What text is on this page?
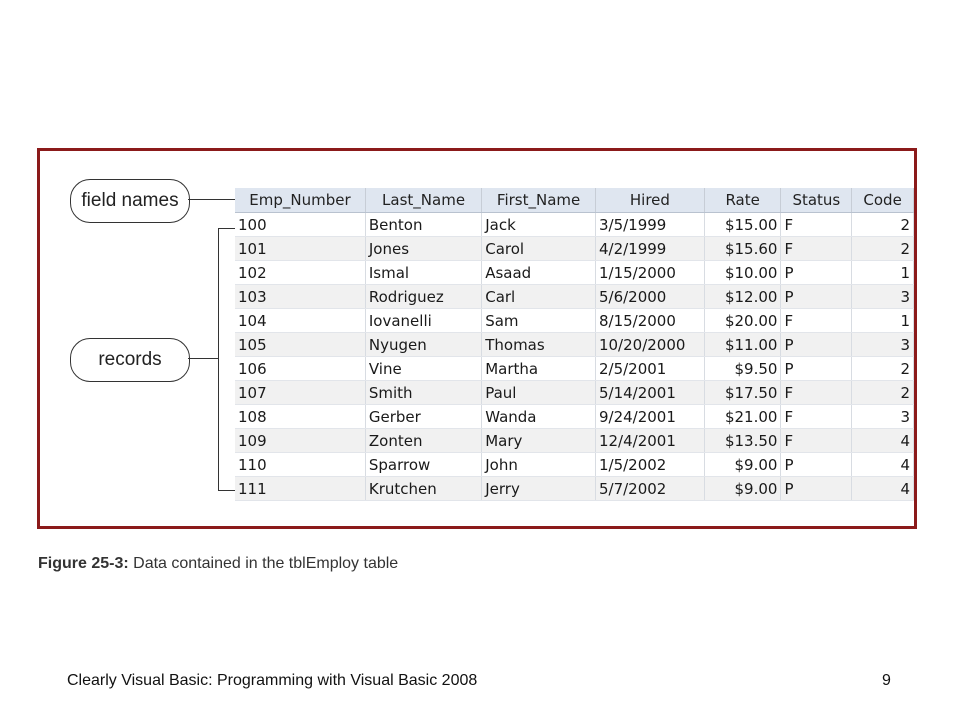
field names
records
Emp_Number	Last_Name	First_Name	Hired	Rate	Status	Code
100	Benton	Jack	3/5/1999	$15.00	F	2
101	Jones	Carol	4/2/1999	$15.60	F	2
102	Ismal	Asaad	1/15/2000	$10.00	P	1
103	Rodriguez	Carl	5/6/2000	$12.00	P	3
104	Iovanelli	Sam	8/15/2000	$20.00	F	1
105	Nyugen	Thomas	10/20/2000	$11.00	P	3
106	Vine	Martha	2/5/2001	$9.50	P	2
107	Smith	Paul	5/14/2001	$17.50	F	2
108	Gerber	Wanda	9/24/2001	$21.00	F	3
109	Zonten	Mary	12/4/2001	$13.50	F	4
110	Sparrow	John	1/5/2002	$9.00	P	4
111	Krutchen	Jerry	5/7/2002	$9.00	P	4
Figure 25-3: Data contained in the tblEmploy table
Clearly Visual Basic: Programming with Visual Basic 2008	9
